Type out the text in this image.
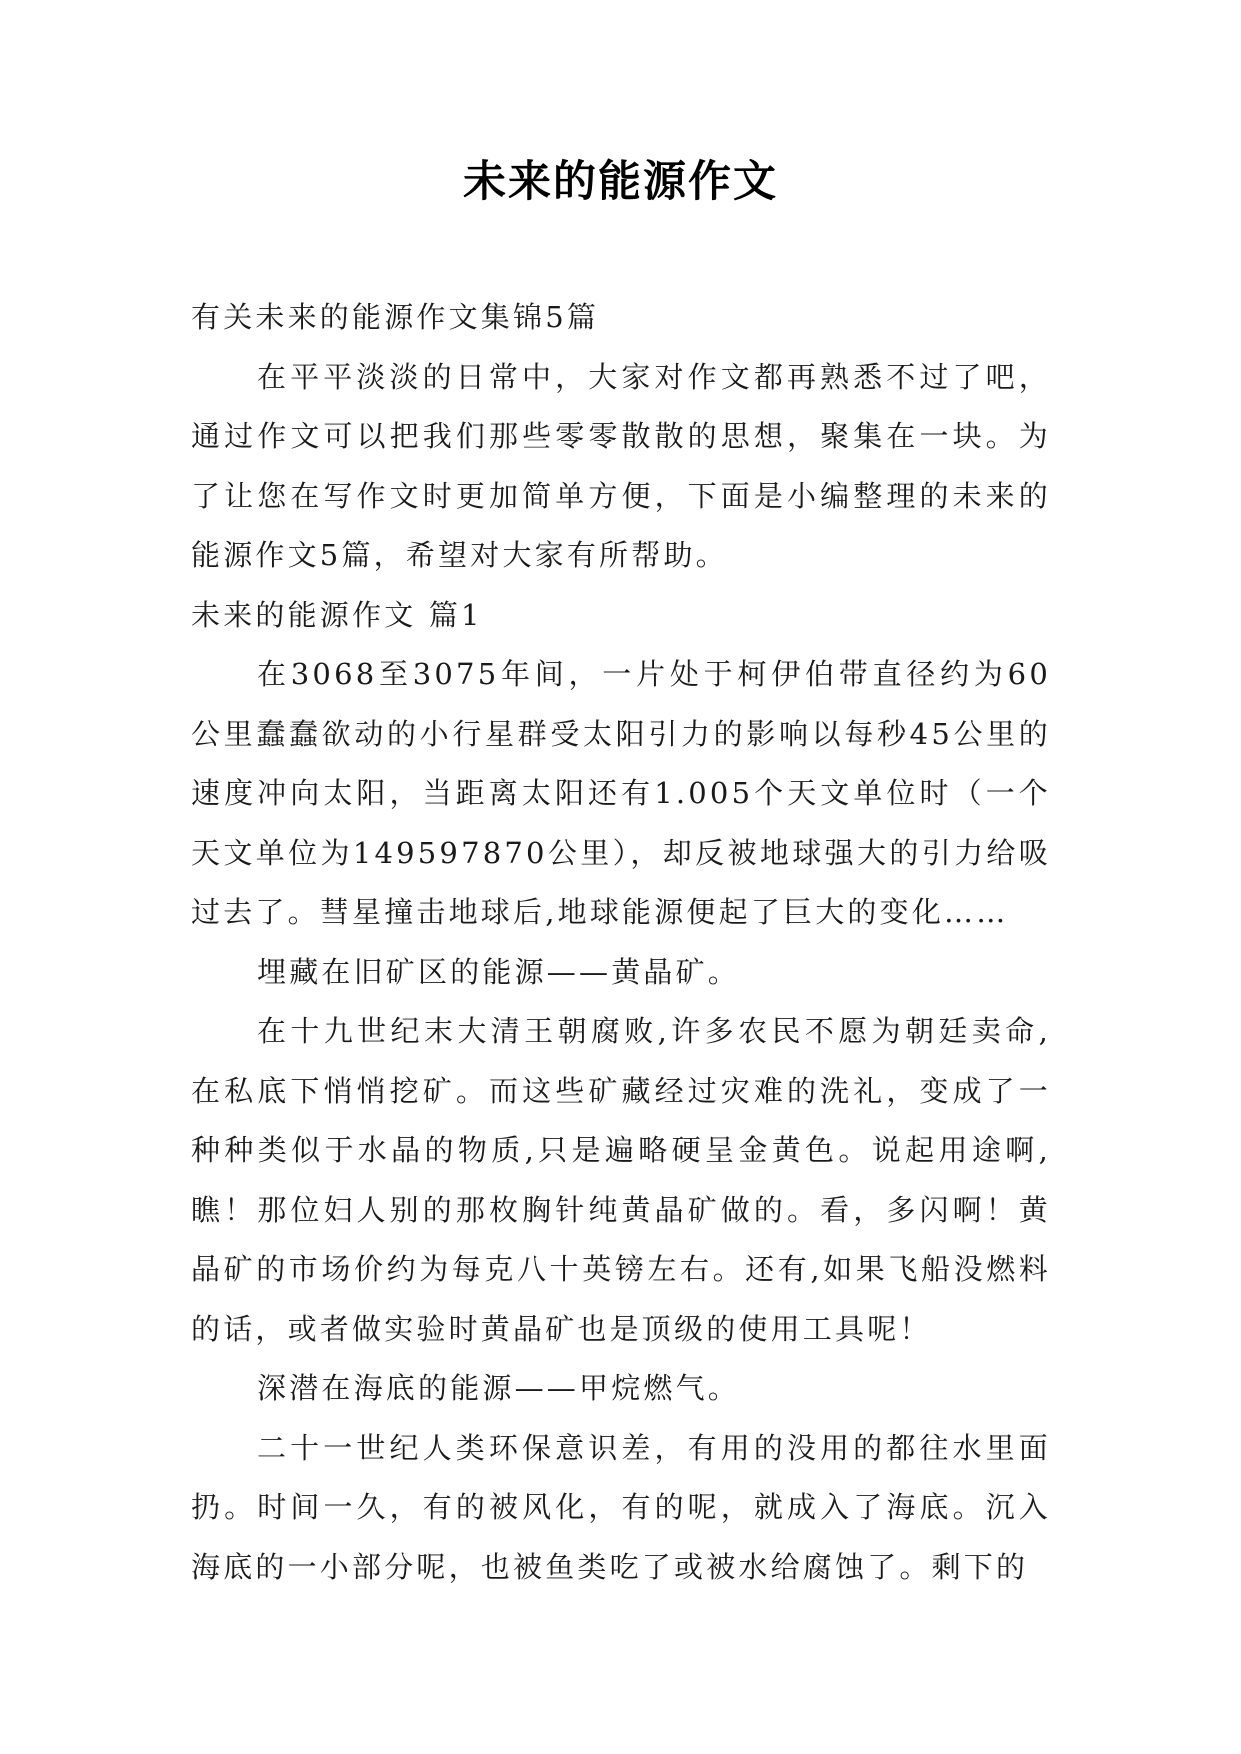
未来的能源作文

有关未来的能源作文集锦5篇

在平平淡淡的日常中，大家对作文都再熟悉不过了吧，通过作文可以把我们那些零零散散的思想，聚集在一块。为了让您在写作文时更加简单方便，下面是小编整理的未来的能源作文5篇，希望对大家有所帮助。

未来的能源作文 篇1

在3068至3075年间，一片处于柯伊伯带直径约为60公里蠢蠢欲动的小行星群受太阳引力的影响以每秒45公里的速度冲向太阳，当距离太阳还有1.005个天文单位时（一个天文单位为149597870公里），却反被地球强大的引力给吸过去了。彗星撞击地球后,地球能源便起了巨大的变化……

埋藏在旧矿区的能源——黄晶矿。

在十九世纪末大清王朝腐败,许多农民不愿为朝廷卖命,在私底下悄悄挖矿。而这些矿藏经过灾难的洗礼，变成了一种种类似于水晶的物质,只是遍略硬呈金黄色。说起用途啊,瞧！那位妇人别的那枚胸针纯黄晶矿做的。看，多闪啊！黄晶矿的市场价约为每克八十英镑左右。还有,如果飞船没燃料的话，或者做实验时黄晶矿也是顶级的使用工具呢！

深潜在海底的能源——甲烷燃气。

二十一世纪人类环保意识差，有用的没用的都往水里面扔。时间一久，有的被风化，有的呢，就成入了海底。沉入海底的一小部分呢，也被鱼类吃了或被水给腐蚀了。剩下的
